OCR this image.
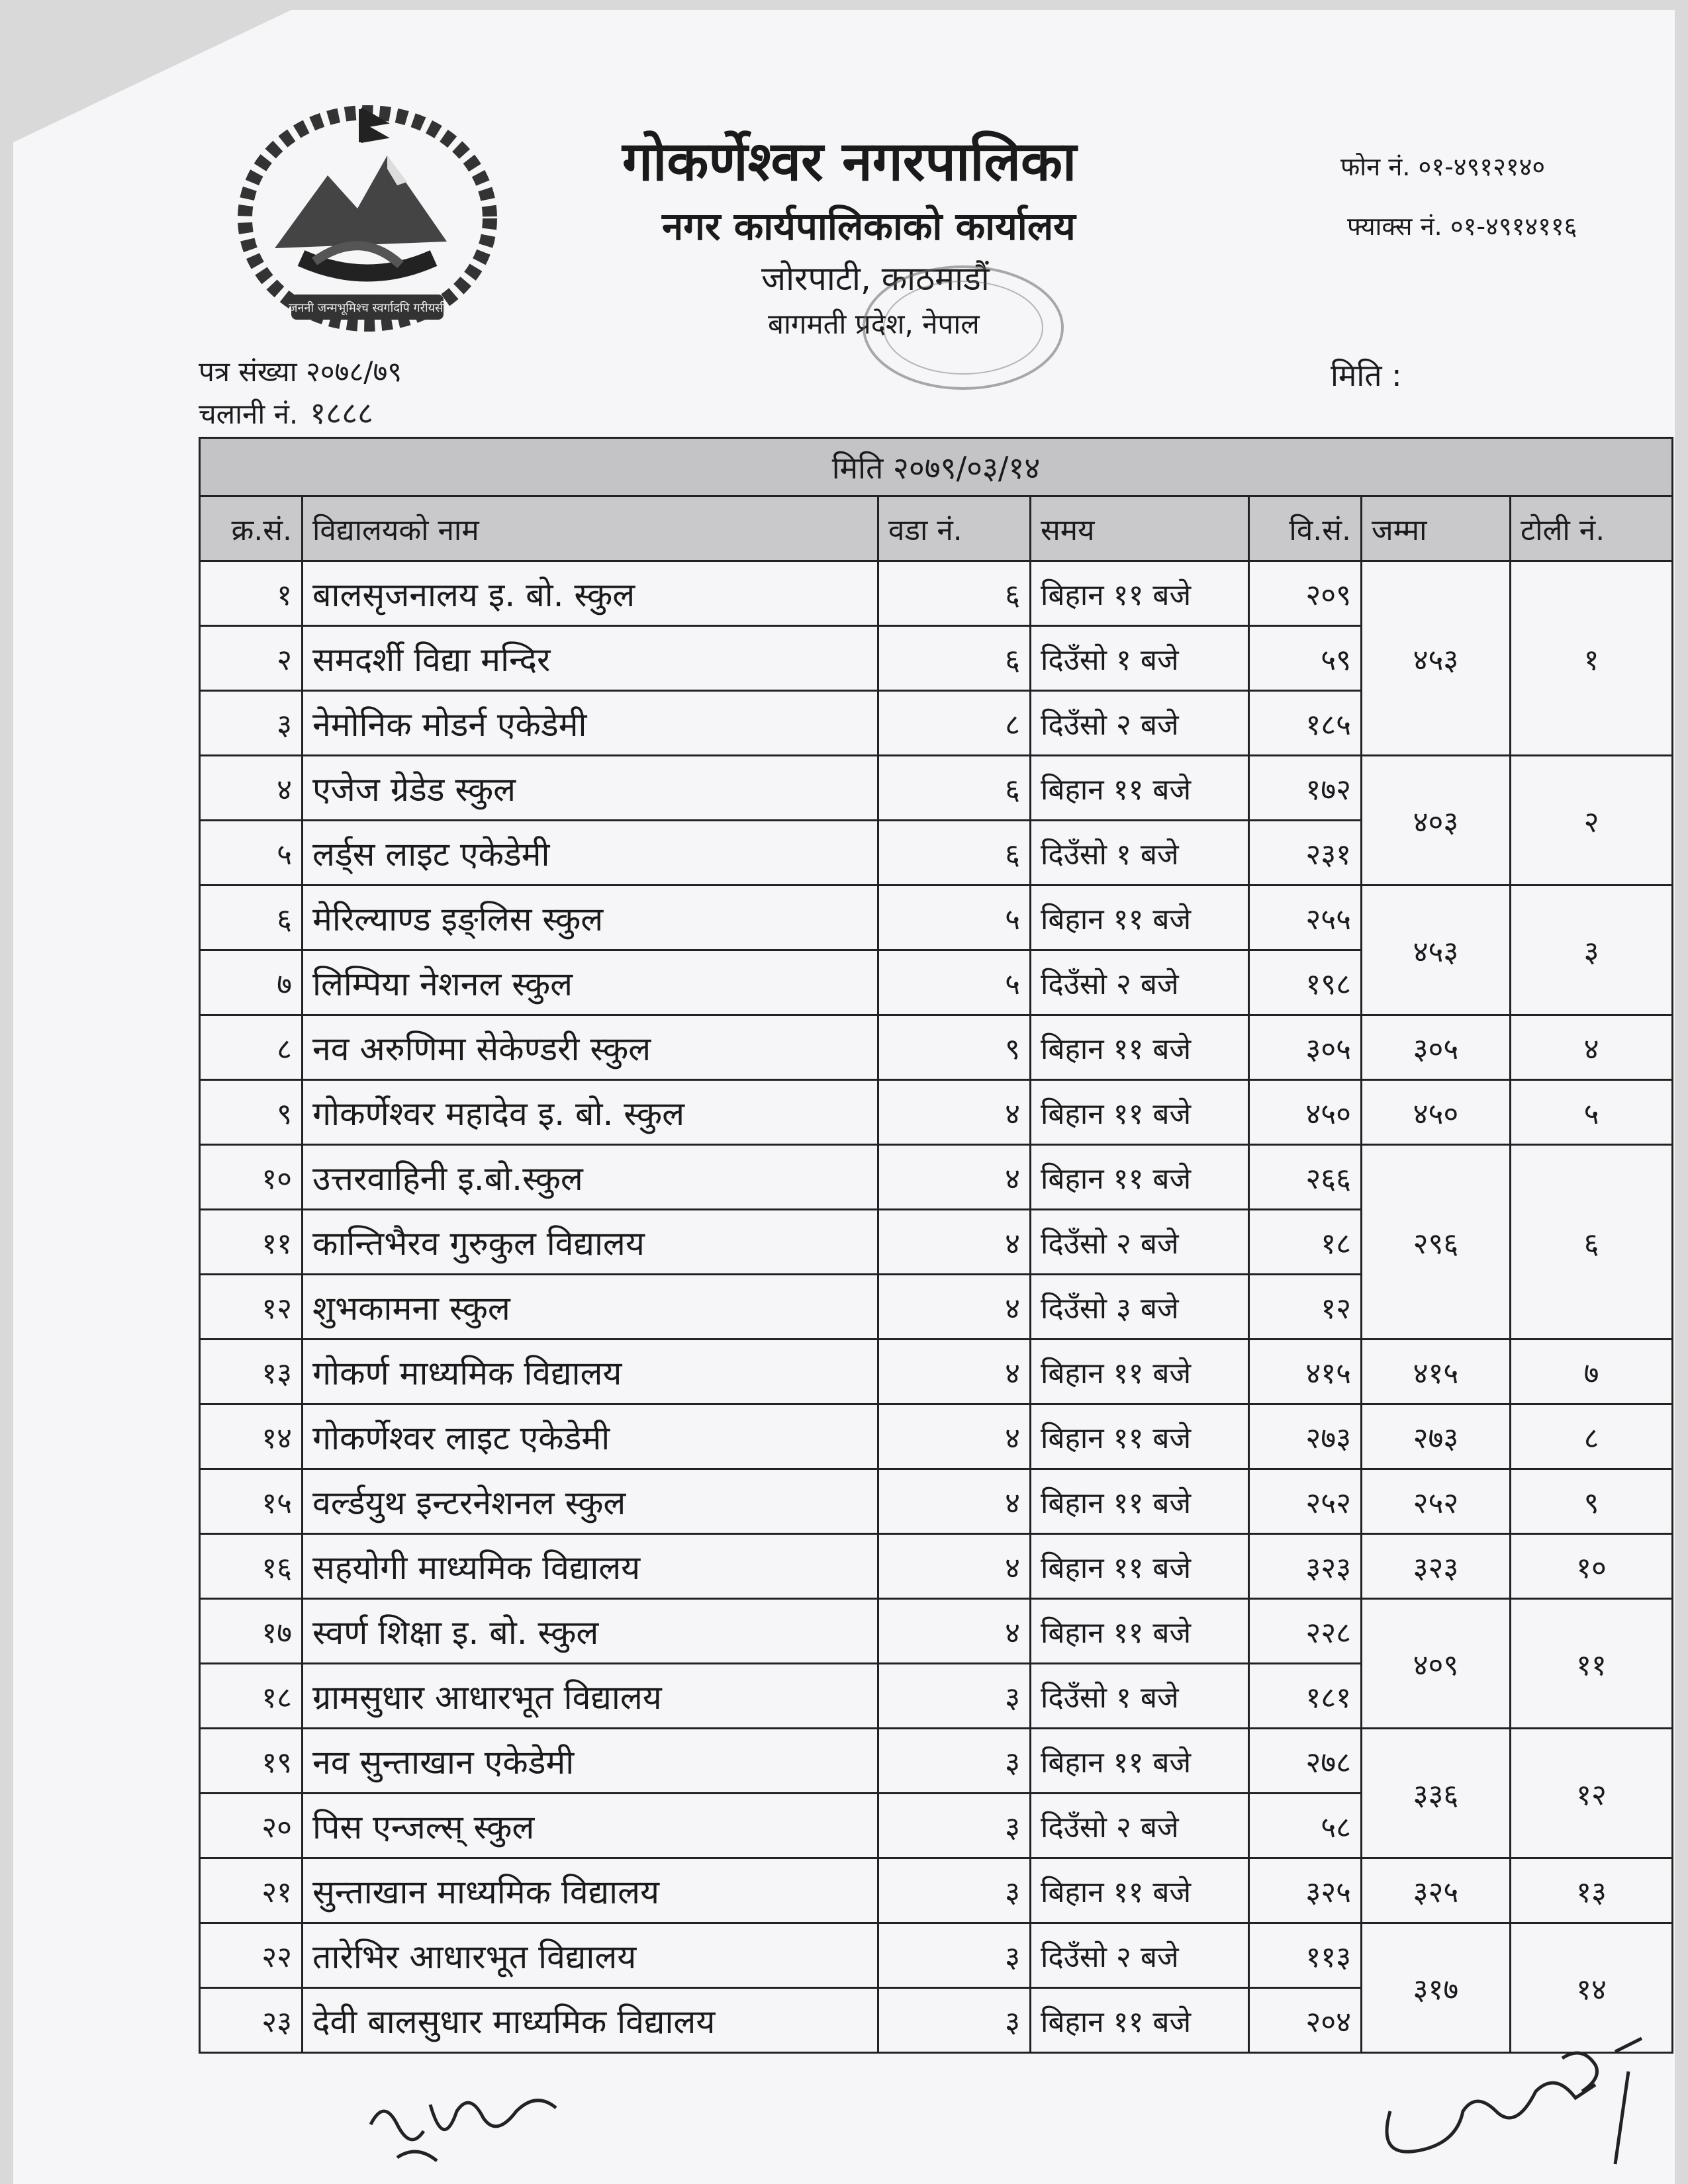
जननी जन्मभूमिश्च स्वर्गादपि गरीयसी
गोकर्णेश्वर नगरपालिका
नगर कार्यपालिकाको कार्यालय
जोरपाटी, काठमाडौं
बागमती प्रदेश, नेपाल
फोन नं. ०१-४९१२१४०
फ्याक्स नं. ०१-४९१४११६
पत्र संख्या २०७८/७९
चलानी नं. १८८८
मिति :
मिति २०७९/०३/१४						
क्र.सं.	विद्यालयको नाम	वडा नं.	समय	वि.सं.	जम्मा	टोली नं.
१	बालसृजनालय इ. बो. स्कुल	६	बिहान ११ बजे	२०९	४५३	१
२	समदर्शी विद्या मन्दिर	६	दिउँसो १ बजे	५९		
३	नेमोनिक मोडर्न एकेडेमी	८	दिउँसो २ बजे	१८५		
४	एजेज ग्रेडेड स्कुल	६	बिहान ११ बजे	१७२	४०३	२
५	लर्ड्स लाइट एकेडेमी	६	दिउँसो १ बजे	२३१		
६	मेरिल्याण्ड इङ्लिस स्कुल	५	बिहान ११ बजे	२५५	४५३	३
७	लिम्पिया नेशनल स्कुल	५	दिउँसो २ बजे	१९८		
८	नव अरुणिमा सेकेण्डरी स्कुल	९	बिहान ११ बजे	३०५	३०५	४
९	गोकर्णेश्वर महादेव इ. बो. स्कुल	४	बिहान ११ बजे	४५०	४५०	५
१०	उत्तरवाहिनी इ.बो.स्कुल	४	बिहान ११ बजे	२६६	२९६	६
११	कान्तिभैरव गुरुकुल विद्यालय	४	दिउँसो २ बजे	१८		
१२	शुभकामना स्कुल	४	दिउँसो ३ बजे	१२		
१३	गोकर्ण माध्यमिक विद्यालय	४	बिहान ११ बजे	४१५	४१५	७
१४	गोकर्णेश्वर लाइट एकेडेमी	४	बिहान ११ बजे	२७३	२७३	८
१५	वर्ल्डयुथ इन्टरनेशनल स्कुल	४	बिहान ११ बजे	२५२	२५२	९
१६	सहयोगी माध्यमिक विद्यालय	४	बिहान ११ बजे	३२३	३२३	१०
१७	स्वर्ण शिक्षा इ. बो. स्कुल	४	बिहान ११ बजे	२२८	४०९	११
१८	ग्रामसुधार आधारभूत विद्यालय	३	दिउँसो १ बजे	१८१		
१९	नव सुन्ताखान एकेडेमी	३	बिहान ११ बजे	२७८	३३६	१२
२०	पिस एन्जल्स् स्कुल	३	दिउँसो २ बजे	५८		
२१	सुन्ताखान माध्यमिक विद्यालय	३	बिहान ११ बजे	३२५	३२५	१३
२२	तारेभिर आधारभूत विद्यालय	३	दिउँसो २ बजे	११३	३१७	१४
२३	देवी बालसुधार माध्यमिक विद्यालय	३	बिहान ११ बजे	२०४		
